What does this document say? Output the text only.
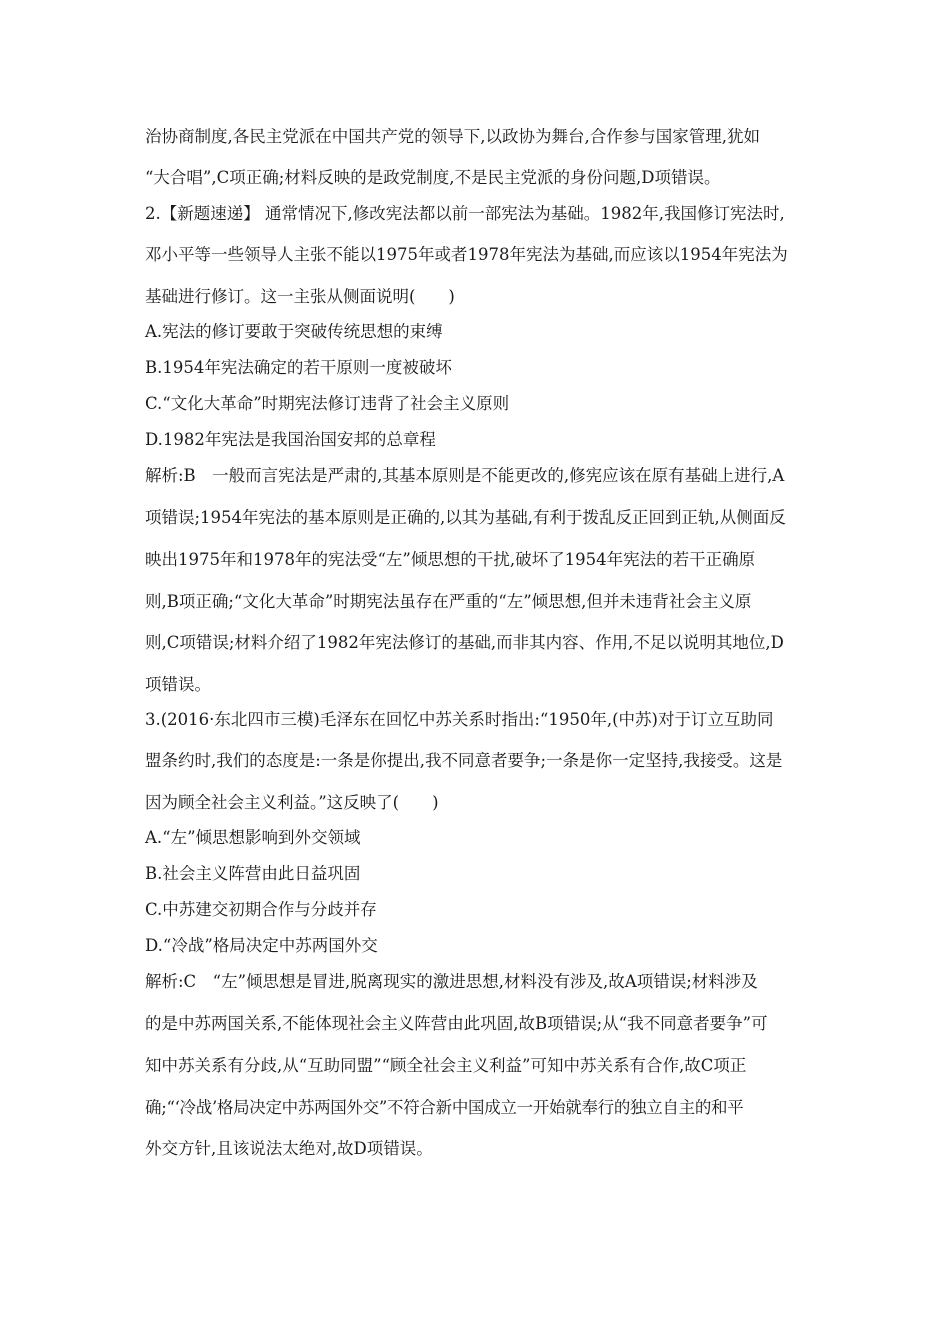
治协商制度,各民主党派在中国共产党的领导下,以政协为舞台,合作参与国家管理,犹如
“大合唱”,C项正确;材料反映的是政党制度,不是民主党派的身份问题,D项错误。
2.【新题速递】 通常情况下,修改宪法都以前一部宪法为基础。1982年,我国修订宪法时,
邓小平等一些领导人主张不能以1975年或者1978年宪法为基础,而应该以1954年宪法为
基础进行修订。这一主张从侧面说明(　　)
A.宪法的修订要敢于突破传统思想的束缚
B.1954年宪法确定的若干原则一度被破坏
C.“文化大革命”时期宪法修订违背了社会主义原则
D.1982年宪法是我国治国安邦的总章程
解析:B　一般而言宪法是严肃的,其基本原则是不能更改的,修宪应该在原有基础上进行,A
项错误;1954年宪法的基本原则是正确的,以其为基础,有利于拨乱反正回到正轨,从侧面反
映出1975年和1978年的宪法受“左”倾思想的干扰,破坏了1954年宪法的若干正确原
则,B项正确;“文化大革命”时期宪法虽存在严重的“左”倾思想,但并未违背社会主义原
则,C项错误;材料介绍了1982年宪法修订的基础,而非其内容、作用,不足以说明其地位,D
项错误。
3.(2016·东北四市三模)毛泽东在回忆中苏关系时指出:“1950年,(中苏)对于订立互助同
盟条约时,我们的态度是:一条是你提出,我不同意者要争;一条是你一定坚持,我接受。这是
因为顾全社会主义利益。”这反映了(　　)
A.“左”倾思想影响到外交领域
B.社会主义阵营由此日益巩固
C.中苏建交初期合作与分歧并存
D.“冷战”格局决定中苏两国外交
解析:C　“左”倾思想是冒进,脱离现实的激进思想,材料没有涉及,故A项错误;材料涉及
的是中苏两国关系,不能体现社会主义阵营由此巩固,故B项错误;从“我不同意者要争”可
知中苏关系有分歧,从“互助同盟”“顾全社会主义利益”可知中苏关系有合作,故C项正
确;“‘冷战’格局决定中苏两国外交”不符合新中国成立一开始就奉行的独立自主的和平
外交方针,且该说法太绝对,故D项错误。
